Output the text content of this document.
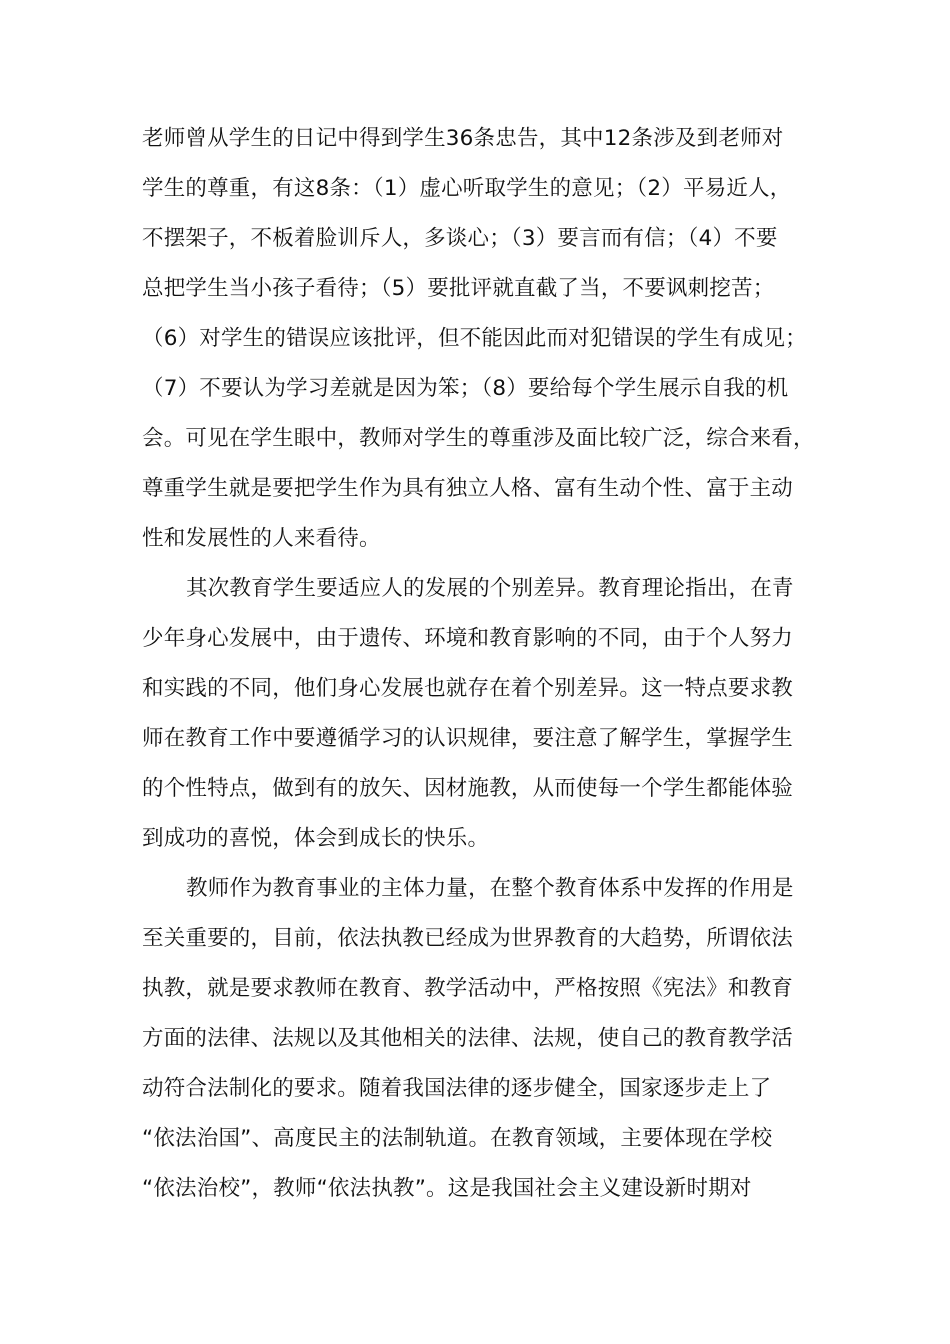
老师曾从学生的日记中得到学生36条忠告，其中12条涉及到老师对
学生的尊重，有这8条：（1）虚心听取学生的意见；（2）平易近人，
不摆架子，不板着脸训斥人，多谈心；（3）要言而有信；（4）不要
总把学生当小孩子看待；（5）要批评就直截了当，不要讽刺挖苦；
（6）对学生的错误应该批评，但不能因此而对犯错误的学生有成见；
（7）不要认为学习差就是因为笨；（8）要给每个学生展示自我的机
会。可见在学生眼中，教师对学生的尊重涉及面比较广泛，综合来看，
尊重学生就是要把学生作为具有独立人格、富有生动个性、富于主动
性和发展性的人来看待。
其次教育学生要适应人的发展的个别差异。教育理论指出，在青
少年身心发展中，由于遗传、环境和教育影响的不同，由于个人努力
和实践的不同，他们身心发展也就存在着个别差异。这一特点要求教
师在教育工作中要遵循学习的认识规律，要注意了解学生，掌握学生
的个性特点，做到有的放矢、因材施教，从而使每一个学生都能体验
到成功的喜悦，体会到成长的快乐。
教师作为教育事业的主体力量，在整个教育体系中发挥的作用是
至关重要的，目前，依法执教已经成为世界教育的大趋势，所谓依法
执教，就是要求教师在教育、教学活动中，严格按照《宪法》和教育
方面的法律、法规以及其他相关的法律、法规，使自己的教育教学活
动符合法制化的要求。随着我国法律的逐步健全，国家逐步走上了
“依法治国”、高度民主的法制轨道。在教育领域，主要体现在学校
“依法治校”，教师“依法执教”。这是我国社会主义建设新时期对
